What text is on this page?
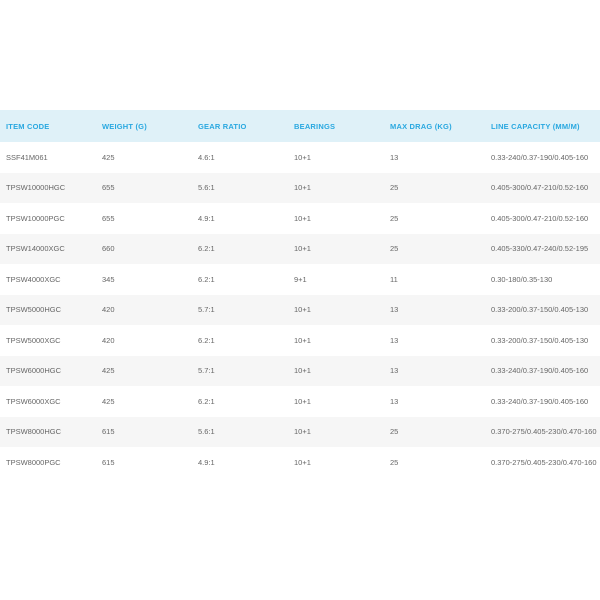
ITEM CODE	WEIGHT (G)	GEAR RATIO	BEARINGS	MAX DRAG (KG)	LINE CAPACITY (MM/M)
SSF41M061	425	4.6:1	10+1	13	0.33-240/0.37-190/0.405-160
TPSW10000HGC	655	5.6:1	10+1	25	0.405-300/0.47-210/0.52-160
TPSW10000PGC	655	4.9:1	10+1	25	0.405-300/0.47-210/0.52-160
TPSW14000XGC	660	6.2:1	10+1	25	0.405-330/0.47-240/0.52-195
TPSW4000XGC	345	6.2:1	9+1	11	0.30-180/0.35-130
TPSW5000HGC	420	5.7:1	10+1	13	0.33-200/0.37-150/0.405-130
TPSW5000XGC	420	6.2:1	10+1	13	0.33-200/0.37-150/0.405-130
TPSW6000HGC	425	5.7:1	10+1	13	0.33-240/0.37-190/0.405-160
TPSW6000XGC	425	6.2:1	10+1	13	0.33-240/0.37-190/0.405-160
TPSW8000HGC	615	5.6:1	10+1	25	0.370-275/0.405-230/0.470-160
TPSW8000PGC	615	4.9:1	10+1	25	0.370-275/0.405-230/0.470-160
